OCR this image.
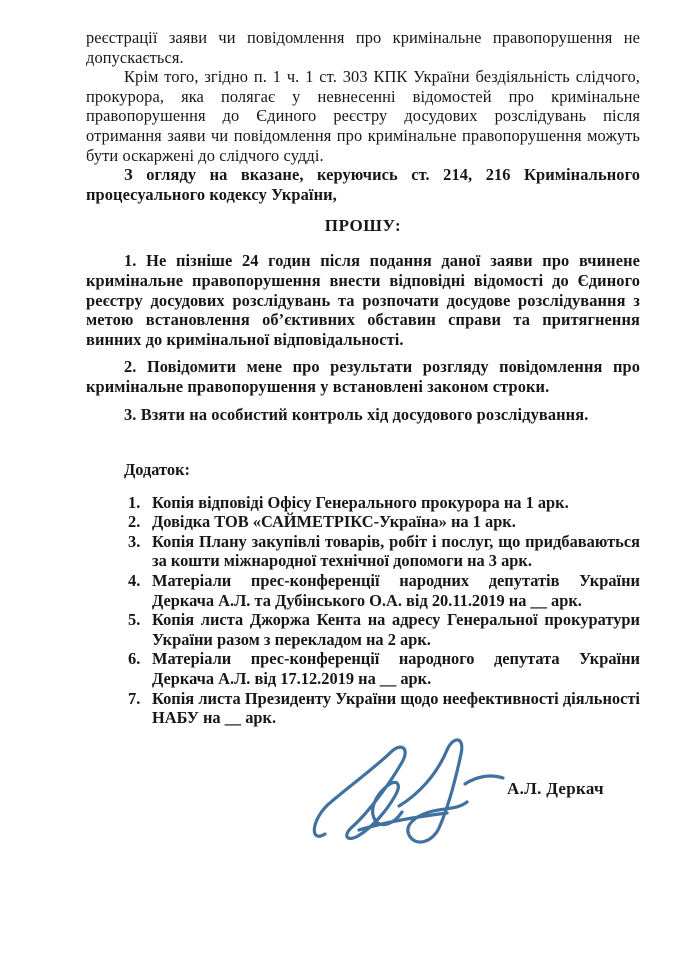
реєстрації заяви чи повідомлення про кримінальне правопорушення не допускається.

Крім того, згідно п. 1 ч. 1 ст. 303 КПК України бездіяльність слідчого, прокурора, яка полягає у невнесенні відомостей про кримінальне правопорушення до Єдиного реєстру досудових розслідувань після отримання заяви чи повідомлення про кримінальне правопорушення можуть бути оскаржені до слідчого судді.

З огляду на вказане, керуючись ст. 214, 216 Кримінального процесуального кодексу України,

ПРОШУ:

1. Не пізніше 24 годин після подання даної заяви про вчинене кримінальне правопорушення внести відповідні відомості до Єдиного реєстру досудових розслідувань та розпочати досудове розслідування з метою встановлення об’єктивних обставин справи та притягнення винних до кримінальної відповідальності.

2. Повідомити мене про результати розгляду повідомлення про кримінальне правопорушення у встановлені законом строки.

3. Взяти на особистий контроль хід досудового розслідування.

Додаток:

1. Копія відповіді Офісу Генерального прокурора на 1 арк.
2. Довідка ТОВ «САЙМЕТРІКС-Україна» на 1 арк.
3. Копія Плану закупівлі товарів, робіт і послуг, що придбаваються за кошти міжнародної технічної допомоги на 3 арк.
4. Матеріали прес-конференції народних депутатів України Деркача А.Л. та Дубінського О.А. від 20.11.2019 на __ арк.
5. Копія листа Джоржа Кента на адресу Генеральної прокуратури України разом з перекладом на 2 арк.
6. Матеріали прес-конференції народного депутата України Деркача А.Л. від 17.12.2019 на __ арк.
7. Копія листа Президенту України щодо неефективності діяльності НАБУ на __ арк.
А.Л. Деркач
